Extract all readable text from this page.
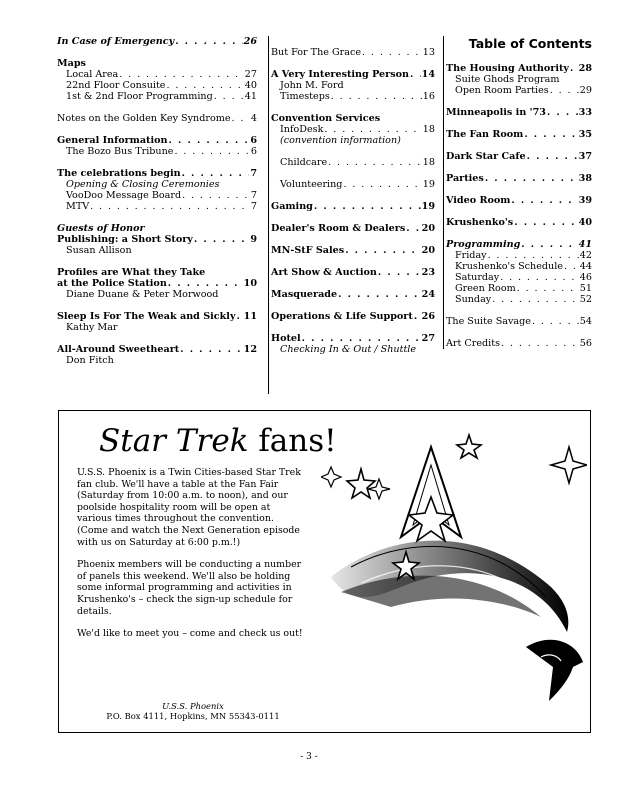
In Case of Emergency . . .	26
Maps
Local Area . . .	27
22nd Floor Consuite . . .	40
1st & 2nd Floor Programming . . .	41
Notes on the Golden Key Syndrome . . . 4
General Information . . .	6
The Bozo Bus Tribune . . .	6
The celebrations begin . . .	7
Opening & Closing Ceremonies
VooDoo Message Board . . .	7
MTV . . .	7
Guests of Honor
Publishing: a Short Story . . .	9
Susan Allison
Profiles are What they Take
at the Police Station . . .	10
Diane Duane & Peter Morwood
Sleep Is For The Weak and Sickly . . . 11
Kathy Mar
All-Around Sweetheart . . .	12
Don Fitch
But For The Grace . . .	13
A Very Interesting Person . . . 14
John M. Ford
Timesteps . . .	16
Convention Services
InfoDesk . . .	18
(convention information)
Childcare . . .	18
Volunteering . . .	19
Gaming . . .	19
Dealer's Room & Dealers . . . 20
MN-StF Sales . . .	20
Art Show & Auction . . .	23
Masquerade . . .	24
Operations & Life Support . . . 26
Hotel . . .	27
Checking In & Out / Shuttle
Table of Contents
The Housing Authority . . . 28
Suite Ghods Program
Open Room Parties . . .	29
Minneapolis in '73 . . .	33
The Fan Room . . .	35
Dark Star Cafe . . .	37
Parties . . .	38
Video Room . . .	39
Krushenko's . . .	40
Programming . . .	41
Friday . . .	42
Krushenko's Schedule . . . 44
Saturday . . .	46
Green Room . . .	51
Sunday . . .	52
The Suite Savage . . .	54
Art Credits . . .	56
Star Trek fans!

U.S.S. Phoenix is a Twin Cities-based Star Trek fan club. We'll have a table at the Fan Fair (Saturday from 10:00 a.m. to noon), and our poolside hospitality room will be open at various times throughout the convention. (Come and watch the Next Generation episode with us on Saturday at 6:00 p.m.!)

Phoenix members will be conducting a number of panels this weekend. We'll also be holding some informal programming and activities in Krushenko's – check the sign-up schedule for details.

We'd like to meet you – come and check us out!

U.S.S. Phoenix
P.O. Box 4111, Hopkins, MN 55343-0111
- 3 -
